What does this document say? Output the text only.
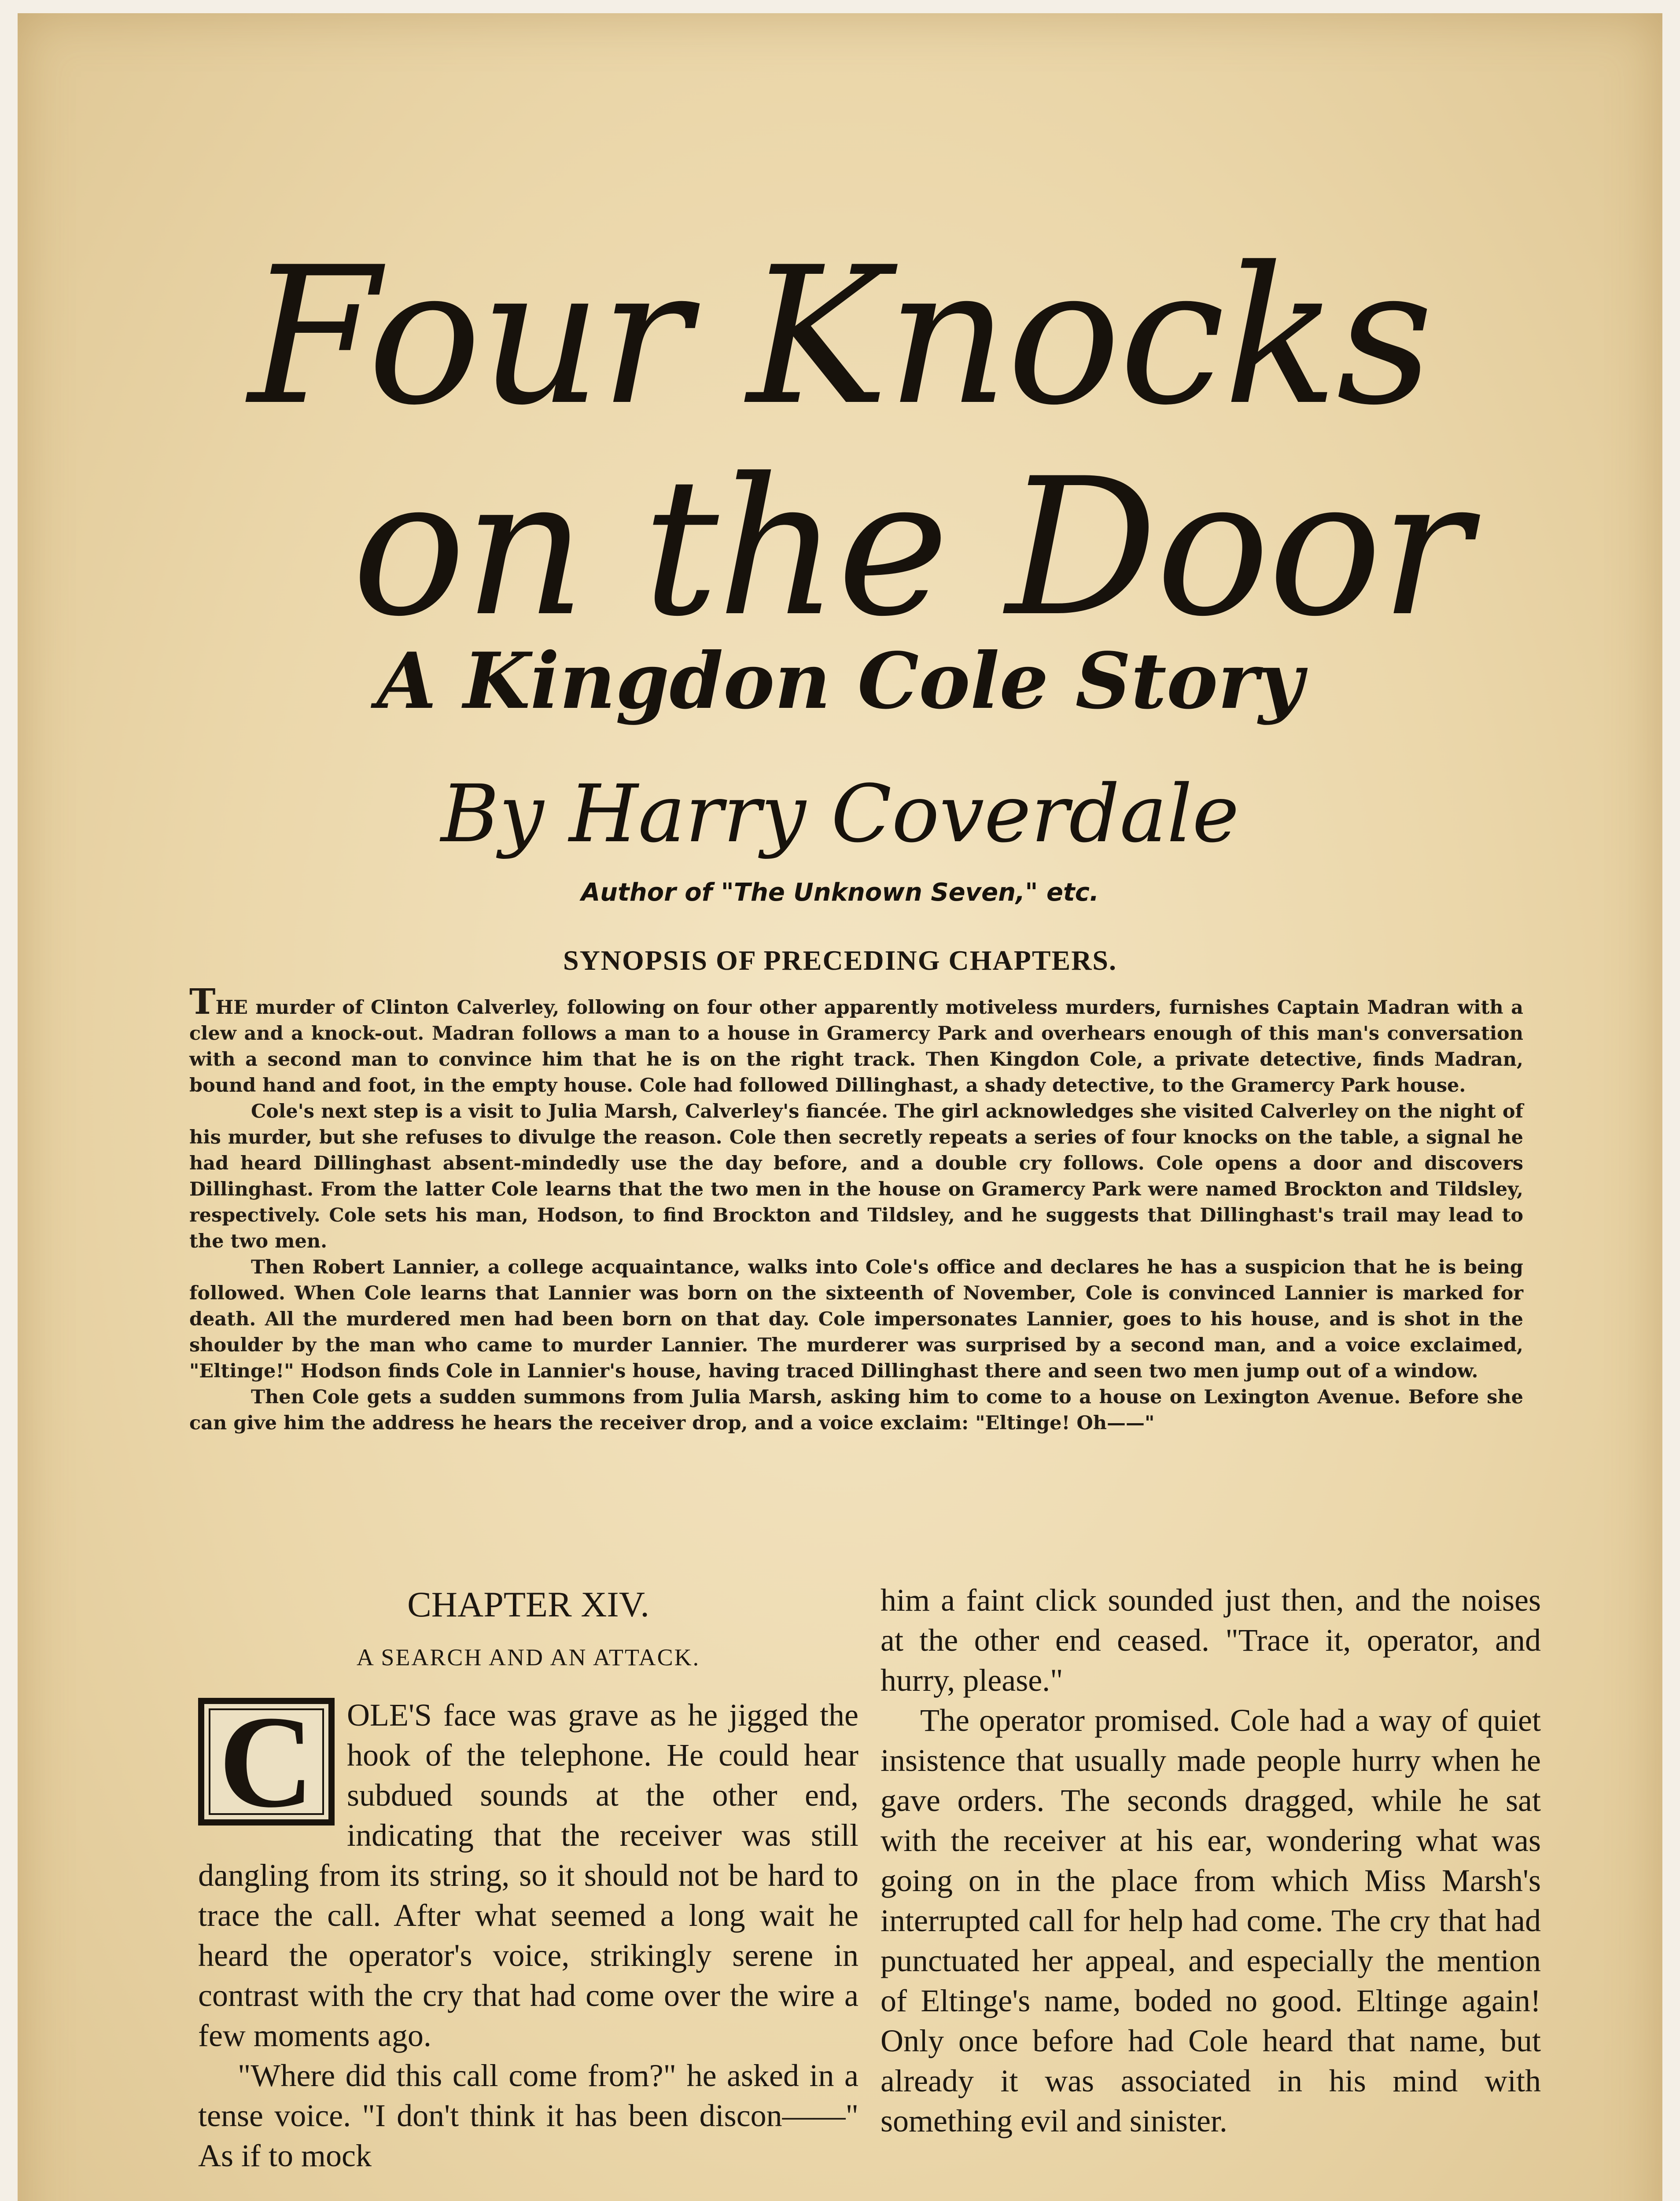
Four Knocks
on the Door
A Kingdon Cole Story
By Harry Coverdale
Author of "The Unknown Seven," etc.
SYNOPSIS OF PRECEDING CHAPTERS.

THE murder of Clinton Calverley, following on four other apparently motiveless murders, furnishes Captain Madran with a clew and a knock-out. Madran follows a man to a house in Gramercy Park and overhears enough of this man's conversation with a second man to convince him that he is on the right track. Then Kingdon Cole, a private detective, finds Madran, bound hand and foot, in the empty house. Cole had followed Dillinghast, a shady detective, to the Gramercy Park house.

Cole's next step is a visit to Julia Marsh, Calverley's fiancée. The girl acknowledges she visited Calverley on the night of his murder, but she refuses to divulge the reason. Cole then secretly repeats a series of four knocks on the table, a signal he had heard Dillinghast absent-mindedly use the day before, and a double cry follows. Cole opens a door and discovers Dillinghast. From the latter Cole learns that the two men in the house on Gramercy Park were named Brockton and Tildsley, respectively. Cole sets his man, Hodson, to find Brockton and Tildsley, and he suggests that Dillinghast's trail may lead to the two men.

Then Robert Lannier, a college acquaintance, walks into Cole's office and declares he has a suspicion that he is being followed. When Cole learns that Lannier was born on the sixteenth of November, Cole is convinced Lannier is marked for death. All the murdered men had been born on that day. Cole impersonates Lannier, goes to his house, and is shot in the shoulder by the man who came to murder Lannier. The murderer was surprised by a second man, and a voice exclaimed, "Eltinge!" Hodson finds Cole in Lannier's house, having traced Dillinghast there and seen two men jump out of a window.

Then Cole gets a sudden summons from Julia Marsh, asking him to come to a house on Lexington Avenue. Before she can give him the address he hears the receiver drop, and a voice exclaim: "Eltinge! Oh——"

CHAPTER XIV.
A SEARCH AND AN ATTACK.

C	OLE'S face was grave as he jigged the hook of the telephone. He could hear subdued sounds at the other end, indicating that the receiver was still dangling from its string, so it should not be hard to trace the call. After what seemed a long wait he heard the operator's voice, strikingly serene in contrast with the cry that had come over the wire a few moments ago.

"Where did this call come from?" he asked in a tense voice. "I don't think it has been discon——" As if to mock

him a faint click sounded just then, and the noises at the other end ceased. "Trace it, operator, and hurry, please."

The operator promised. Cole had a way of quiet insistence that usually made people hurry when he gave orders. The seconds dragged, while he sat with the receiver at his ear, wondering what was going on in the place from which Miss Marsh's interrupted call for help had come. The cry that had punctuated her appeal, and especially the mention of Eltinge's name, boded no good. Eltinge again! Only once before had Cole heard that name, but already it was associated in his mind with something evil and sinister.
